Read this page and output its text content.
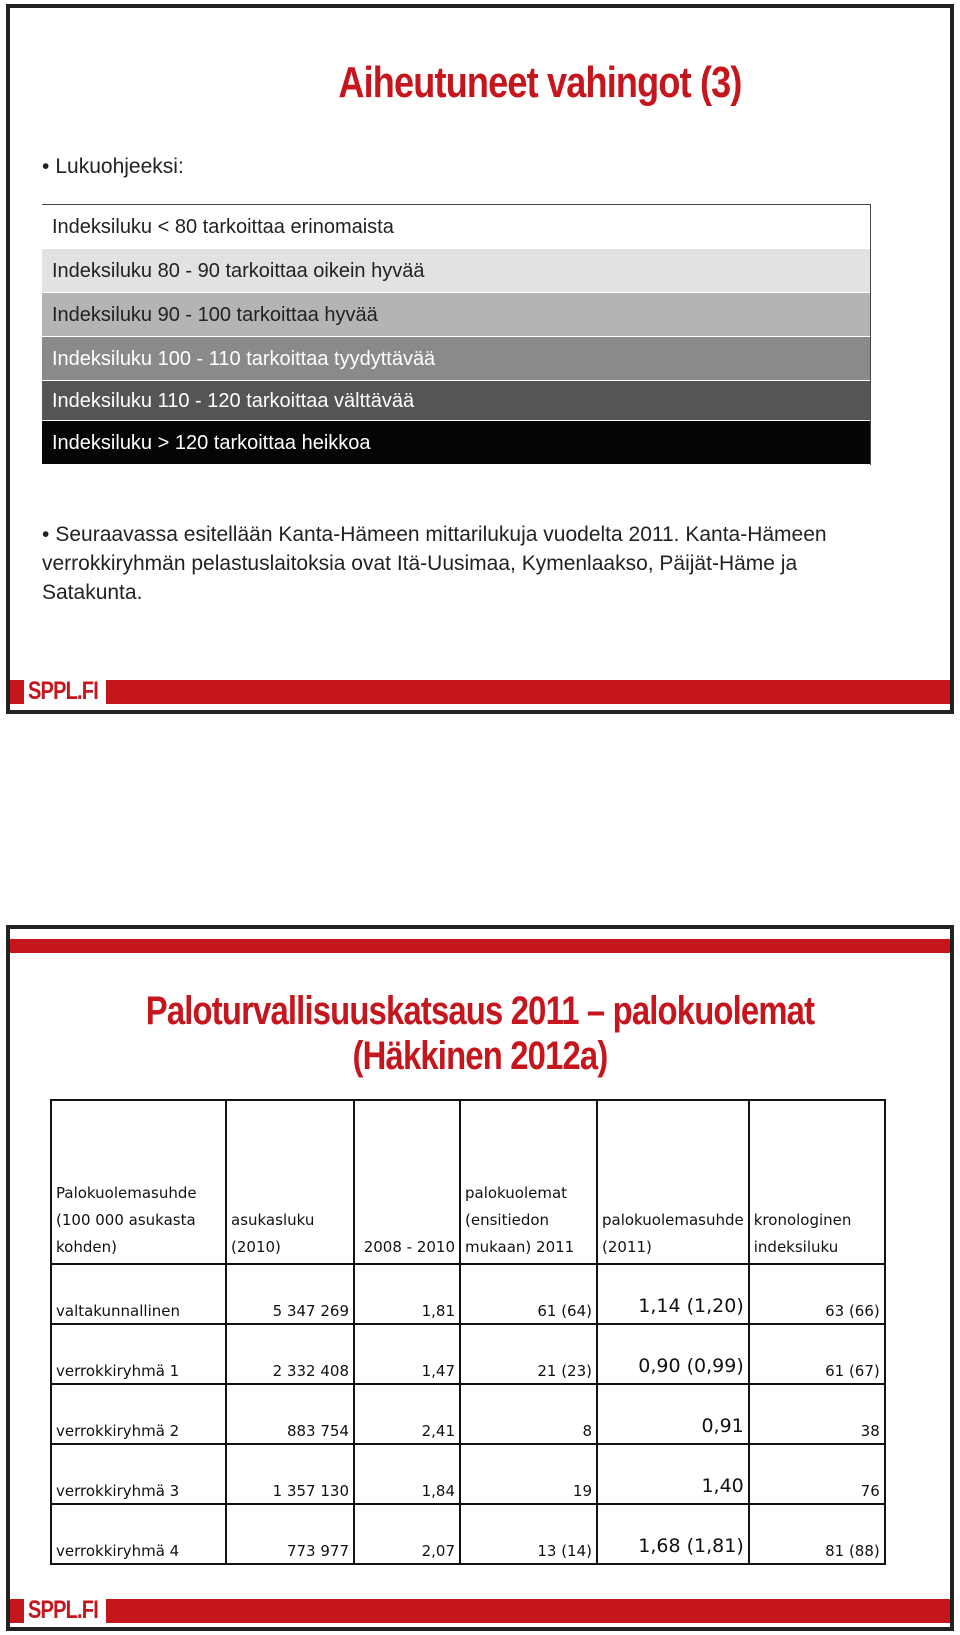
Aiheutuneet vahingot (3)
• Lukuohjeeksi:
Indeksiluku < 80 tarkoittaa erinomaista
Indeksiluku 80 - 90 tarkoittaa oikein hyvää
Indeksiluku 90 - 100 tarkoittaa hyvää
Indeksiluku 100 - 110 tarkoittaa tyydyttävää
Indeksiluku 110 - 120 tarkoittaa välttävää
Indeksiluku > 120 tarkoittaa heikkoa
• Seuraavassa esitellään Kanta-Hämeen mittarilukuja vuodelta 2011. Kanta-Hämeen verrokkiryhmän pelastuslaitoksia ovat Itä-Uusimaa, Kymenlaakso, Päijät-Häme ja Satakunta.
SPPL.FI
Paloturvallisuuskatsaus 2011 – palokuolemat (Häkkinen 2012a)
Palokuolemasuhde (100 000 asukasta kohden)	asukasluku (2010)	2008 - 2010	palokuolemat (ensitiedon mukaan) 2011	palokuolemasuhde (2011)	kronologinen indeksiluku
valtakunnallinen	5 347 269	1,81	61 (64)	1,14 (1,20)	63 (66)
verrokkiryhmä 1	2 332 408	1,47	21 (23)	0,90 (0,99)	61 (67)
verrokkiryhmä 2	883 754	2,41	8	0,91	38
verrokkiryhmä 3	1 357 130	1,84	19	1,40	76
verrokkiryhmä 4	773 977	2,07	13 (14)	1,68 (1,81)	81 (88)
SPPL.FI
